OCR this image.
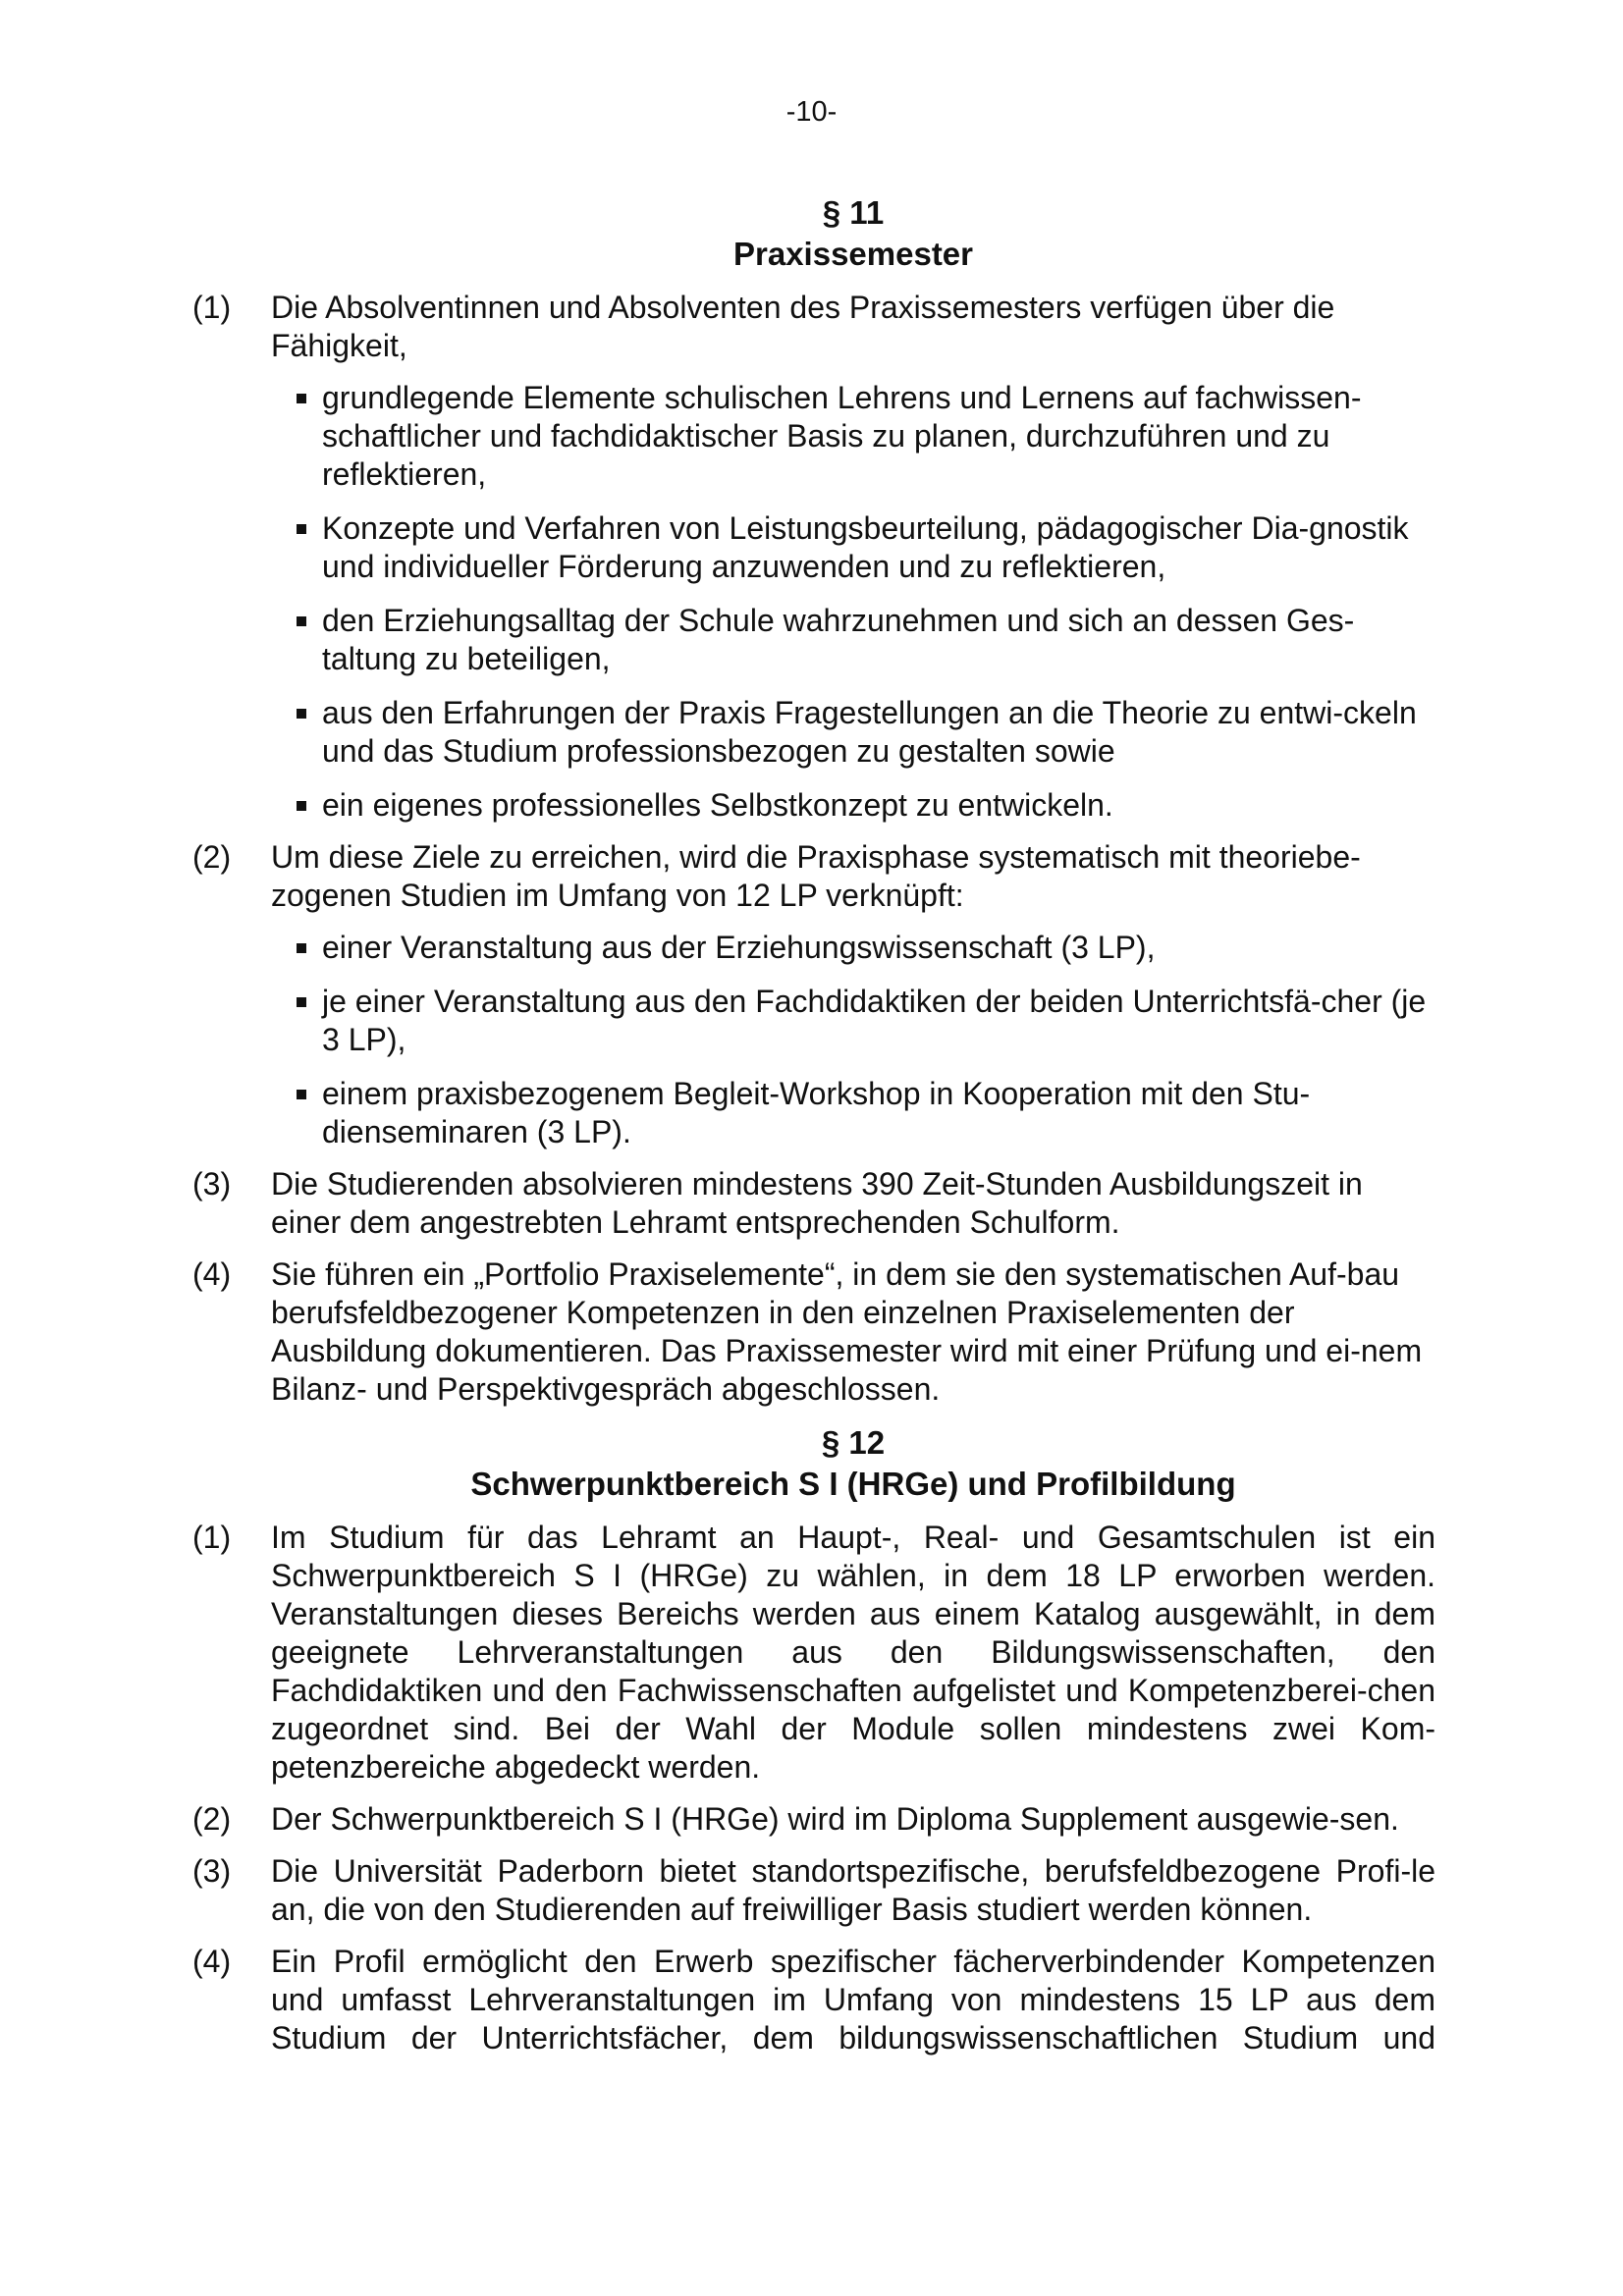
-10-
§ 11
Praxissemester
(1)	Die Absolventinnen und Absolventen des Praxissemesters verfügen über die Fähigkeit,
grundlegende Elemente schulischen Lehrens und Lernens auf fachwissen-schaftlicher und fachdidaktischer Basis zu planen, durchzuführen und zu reflektieren,
Konzepte und Verfahren von Leistungsbeurteilung, pädagogischer Dia-gnostik und individueller Förderung anzuwenden und zu reflektieren,
den Erziehungsalltag der Schule wahrzunehmen und sich an dessen Ges-taltung zu beteiligen,
aus den Erfahrungen der Praxis Fragestellungen an die Theorie zu entwi-ckeln und das Studium professionsbezogen zu gestalten sowie
ein eigenes professionelles Selbstkonzept zu entwickeln.
(2)	Um diese Ziele zu erreichen, wird die Praxisphase systematisch mit theoriebe-zogenen Studien im Umfang von 12 LP verknüpft:
einer Veranstaltung aus der Erziehungswissenschaft (3 LP),
je einer Veranstaltung aus den Fachdidaktiken der beiden Unterrichtsfä-cher (je 3 LP),
einem praxisbezogenem Begleit-Workshop in Kooperation mit den Stu-dienseminaren (3 LP).
(3)	Die Studierenden absolvieren mindestens 390 Zeit-Stunden Ausbildungszeit in einer dem angestrebten Lehramt entsprechenden Schulform.
(4)	Sie führen ein „Portfolio Praxiselemente“, in dem sie den systematischen Auf-bau berufsfeldbezogener Kompetenzen in den einzelnen Praxiselementen der Ausbildung dokumentieren. Das Praxissemester wird mit einer Prüfung und ei-nem Bilanz- und Perspektivgespräch abgeschlossen.
§ 12
Schwerpunktbereich S I (HRGe) und Profilbildung
(1)	Im Studium für das Lehramt an Haupt-, Real- und Gesamtschulen ist ein Schwerpunktbereich S I (HRGe) zu wählen, in dem 18 LP erworben werden. Veranstaltungen dieses Bereichs werden aus einem Katalog ausgewählt, in dem geeignete Lehrveranstaltungen aus den Bildungswissenschaften, den Fachdidaktiken und den Fachwissenschaften aufgelistet und Kompetenzberei-chen zugeordnet sind. Bei der Wahl der Module sollen mindestens zwei Kom-petenzbereiche abgedeckt werden.
(2)	Der Schwerpunktbereich S I (HRGe) wird im Diploma Supplement ausgewie-sen.
(3)	Die Universität Paderborn bietet standortspezifische, berufsfeldbezogene Profi-le an, die von den Studierenden auf freiwilliger Basis studiert werden können.
(4)	Ein Profil ermöglicht den Erwerb spezifischer fächerverbindender Kompetenzen und umfasst Lehrveranstaltungen im Umfang von mindestens 15 LP aus dem Studium der Unterrichtsfächer, dem bildungswissenschaftlichen Studium und
